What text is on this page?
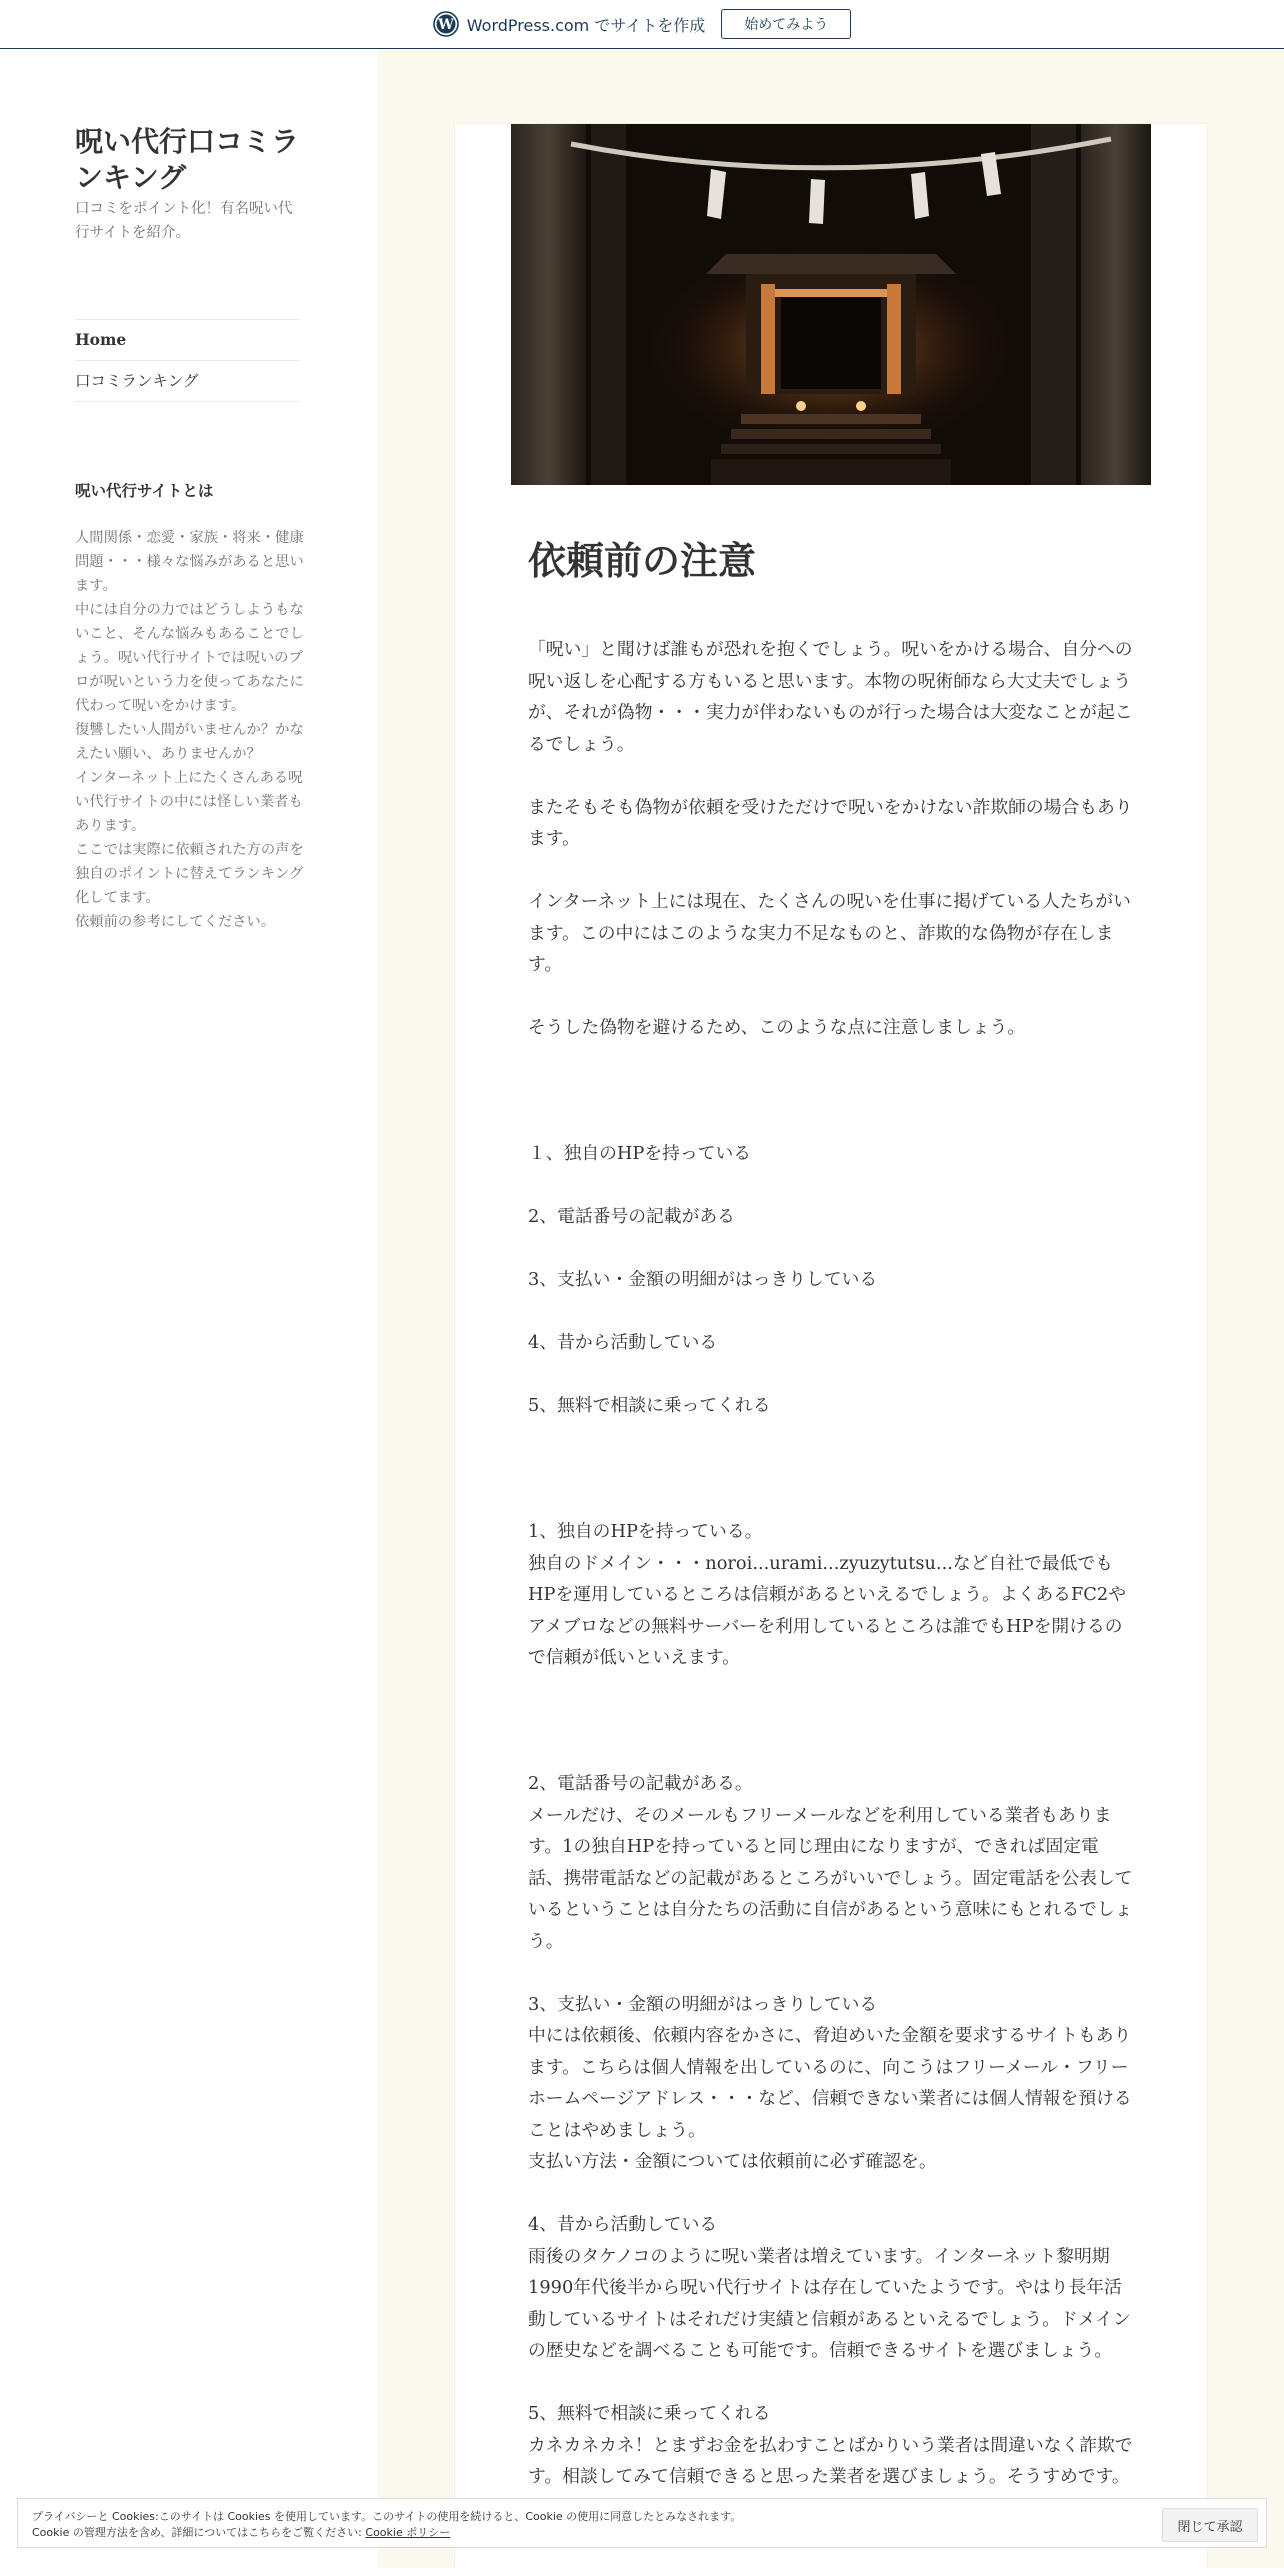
W WordPress.com でサイトを作成	始めてみよう
呪い代行口コミランキング
口コミをポイント化！有名呪い代行サイトを紹介。
Home
口コミランキング
呪い代行サイトとは

人間関係・恋愛・家族・将来・健康問題・・・様々な悩みがあると思います。

中には自分の力ではどうしようもないこと、そんな悩みもあることでしょう。呪い代行サイトでは呪いのプロが呪いという力を使ってあなたに代わって呪いをかけます。

復讐したい人間がいませんか？かなえたい願い、ありませんか？

インターネット上にたくさんある呪い代行サイトの中には怪しい業者もあります。

ここでは実際に依頼された方の声を独自のポイントに替えてランキング化してます。

依頼前の参考にしてください。

依頼前の注意

「呪い」と聞けば誰もが恐れを抱くでしょう。呪いをかける場合、自分への呪い返しを心配する方もいると思います。本物の呪術師なら大丈夫でしょうが、それが偽物・・・実力が伴わないものが行った場合は大変なことが起こるでしょう。

またそもそも偽物が依頼を受けただけで呪いをかけない詐欺師の場合もあります。

インターネット上には現在、たくさんの呪いを仕事に掲げている人たちがいます。この中にはこのような実力不足なものと、詐欺的な偽物が存在します。

そうした偽物を避けるため、このような点に注意しましょう。

１、独自のHPを持っている

2、電話番号の記載がある

3、支払い・金額の明細がはっきりしている

4、昔から活動している

5、無料で相談に乗ってくれる

1、独自のHPを持っている。
独自のドメイン・・・noroi...urami...zyuzytutsu...など自社で最低でもHPを運用しているところは信頼があるといえるでしょう。よくあるFC2やアメブロなどの無料サーバーを利用しているところは誰でもHPを開けるので信頼が低いといえます。

2、電話番号の記載がある。
メールだけ、そのメールもフリーメールなどを利用している業者もあります。1の独自HPを持っていると同じ理由になりますが、できれば固定電話、携帯電話などの記載があるところがいいでしょう。固定電話を公表しているということは自分たちの活動に自信があるという意味にもとれるでしょう。

3、支払い・金額の明細がはっきりしている
中には依頼後、依頼内容をかさに、脅迫めいた金額を要求するサイトもあります。こちらは個人情報を出しているのに、向こうはフリーメール・フリーホームページアドレス・・・など、信頼できない業者には個人情報を預けることはやめましょう。
支払い方法・金額については依頼前に必ず確認を。

4、昔から活動している
雨後のタケノコのように呪い業者は増えています。インターネット黎明期1990年代後半から呪い代行サイトは存在していたようです。やはり長年活動しているサイトはそれだけ実績と信頼があるといえるでしょう。ドメインの歴史などを調べることも可能です。信頼できるサイトを選びましょう。

5、無料で相談に乗ってくれる
カネカネカネ！とまずお金を払わすことばかりいう業者は間違いなく詐欺です。相談してみて信頼できると思った業者を選びましょう。そうすめです。

プライバシーと Cookies:このサイトは Cookies を使用しています。このサイトの使用を続けると、Cookie の使用に同意したとみなされます。
Cookie の管理方法を含め、詳細についてはこちらをご覧ください: Cookie ポリシー	閉じて承認
